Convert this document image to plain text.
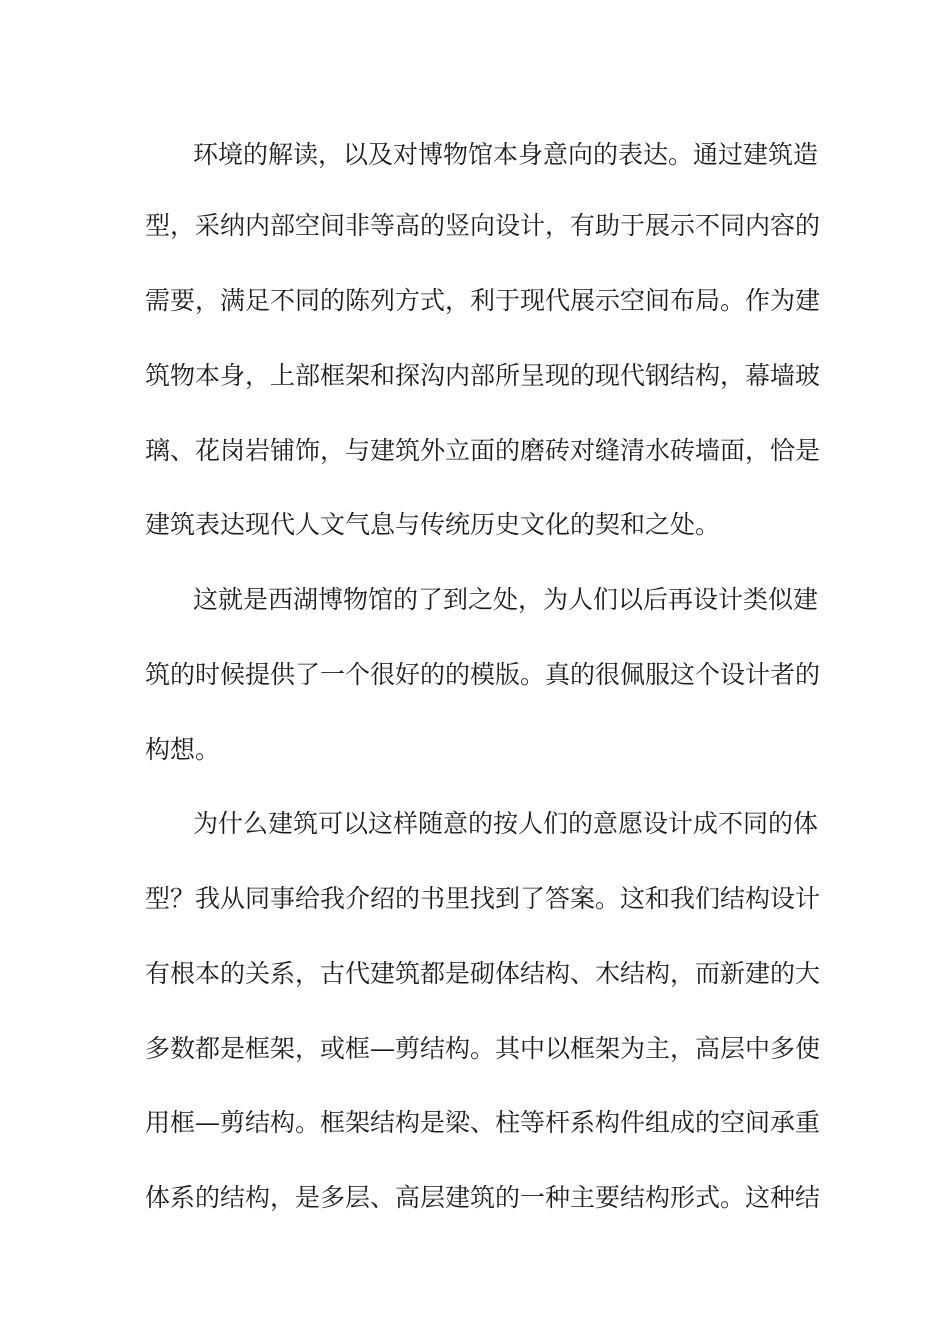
环境的解读，以及对博物馆本身意向的表达。通过建筑造
型，采纳内部空间非等高的竖向设计，有助于展示不同内容的
需要，满足不同的陈列方式，利于现代展示空间布局。作为建
筑物本身，上部框架和探沟内部所呈现的现代钢结构，幕墙玻
璃、花岗岩铺饰，与建筑外立面的磨砖对缝清水砖墙面，恰是
建筑表达现代人文气息与传统历史文化的契和之处。
这就是西湖博物馆的了到之处，为人们以后再设计类似建
筑的时候提供了一个很好的的模版。真的很佩服这个设计者的
构想。
为什么建筑可以这样随意的按人们的意愿设计成不同的体
型？我从同事给我介绍的书里找到了答案。这和我们结构设计
有根本的关系，古代建筑都是砌体结构、木结构，而新建的大
多数都是框架，或框—剪结构。其中以框架为主，高层中多使
用框—剪结构。框架结构是梁、柱等杆系构件组成的空间承重
体系的结构，是多层、高层建筑的一种主要结构形式。这种结
